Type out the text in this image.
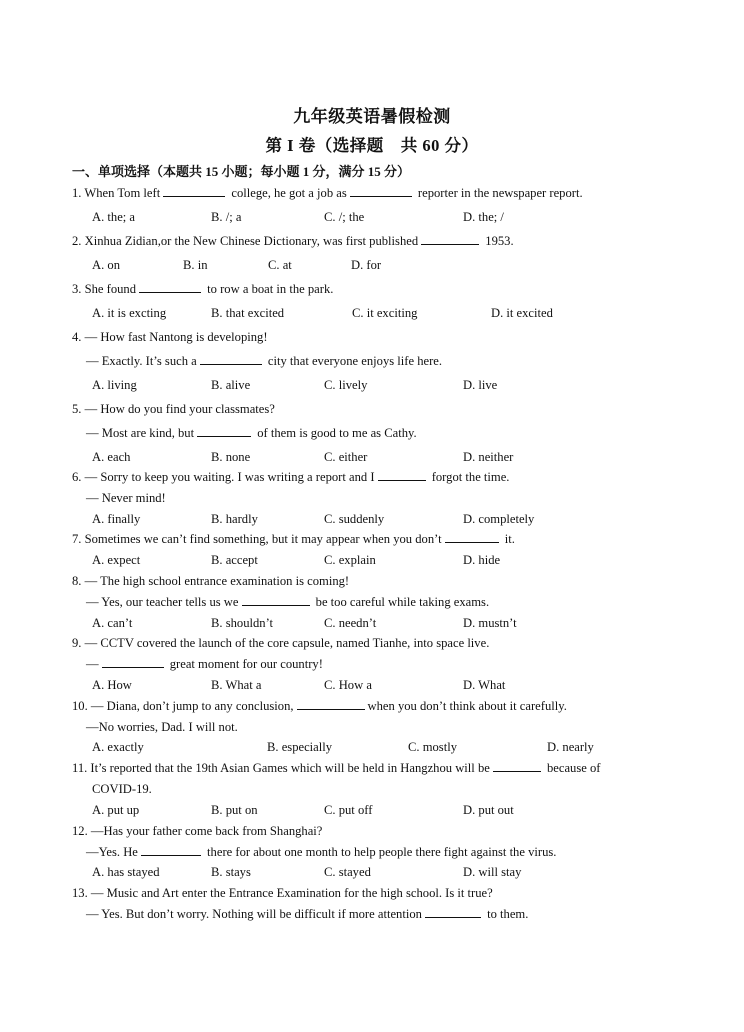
九年级英语暑假检测
第 I 卷（选择题　共 60 分）
一、单项选择（本题共 15 小题；每小题 1 分，满分 15 分）
1. When Tom left	college, he got a job as	reporter in the newspaper report.
A. the; a	B. /; a	C. /; the	D. the; /
2. Xinhua Zidian,or the New Chinese Dictionary, was first published	1953.
A. on	B. in	C. at	D. for
3. She found	to row a boat in the park.
A. it is excting	B. that excited	C. it exciting	D. it excited
4. — How fast Nantong is developing!
— Exactly. It’s such a	city that everyone enjoys life here.
A. living	B. alive	C. lively	D. live
5. — How do you find your classmates?
— Most are kind, but	of them is good to me as Cathy.
A. each	B. none	C. either	D. neither
6. — Sorry to keep you waiting. I was writing a report and I	forgot the time.
— Never mind!
A. finally	B. hardly	C. suddenly	D. completely
7. Sometimes we can’t find something, but it may appear when you don’t	it.
A. expect	B. accept	C. explain	D. hide
8. — The high school entrance examination is coming!
— Yes, our teacher tells us we	be too careful while taking exams.
A. can’t	B. shouldn’t	C. needn’t	D. mustn’t
9. — CCTV covered the launch of the core capsule, named Tianhe, into space live.
—	great moment for our country!
A. How	B. What a	C. How a	D. What
10. — Diana, don’t jump to any conclusion,	when you don’t think about it carefully.
—No worries, Dad. I will not.
A. exactly	B. especially	C. mostly	D. nearly
11. It’s reported that the 19th Asian Games which will be held in Hangzhou will be	because of
COVID-19.
A. put up	B. put on	C. put off	D. put out
12. —Has your father come back from Shanghai?
—Yes. He	there for about one month to help people there fight against the virus.
A. has stayed	B. stays	C. stayed	D. will stay
13. — Music and Art enter the Entrance Examination for the high school. Is it true?
— Yes. But don’t worry. Nothing will be difficult if more attention	to them.
